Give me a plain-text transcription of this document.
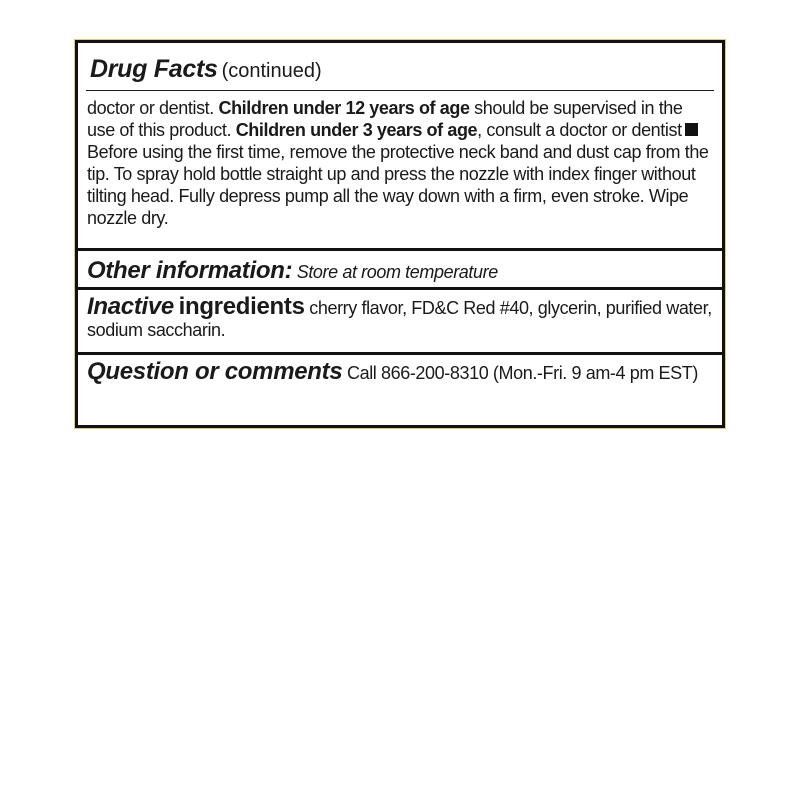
Drug Facts (continued)
doctor or dentist. Children under 12 years of age should be supervised in the use of this product. Children under 3 years of age, consult a doctor or dentistBefore using the first time, remove the protective neck band and dust cap from the tip. To spray hold bottle straight up and press the nozzle with index finger without tilting head. Fully depress pump all the way down with a firm, even stroke. Wipe nozzle dry.
Other information: Store at room temperature
Inactive ingredients cherry flavor, FD&C Red #40, glycerin, purified water, sodium saccharin.
Question or comments Call 866-200-8310 (Mon.-Fri. 9 am-4 pm EST)
